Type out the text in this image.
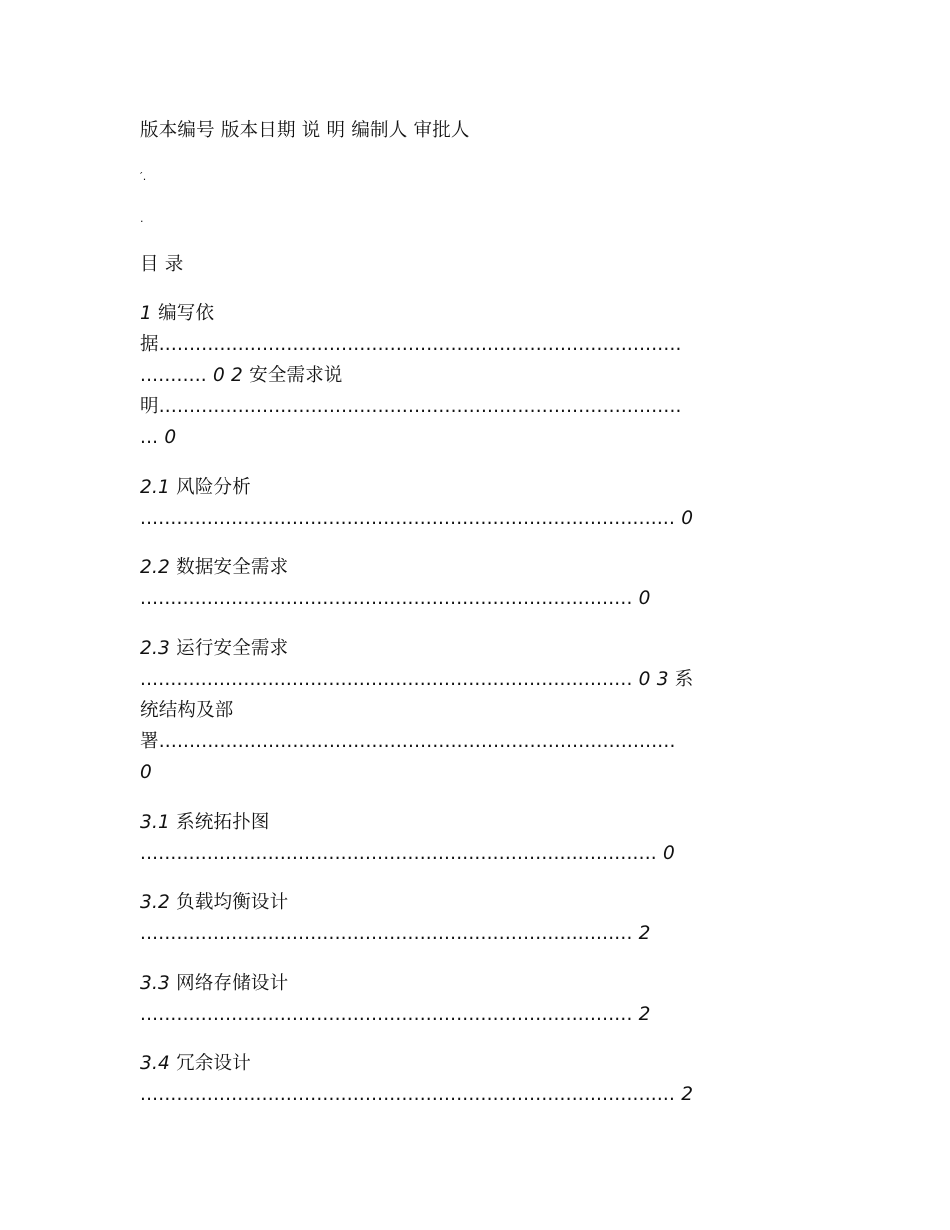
版本编号 版本日期 说 明 编制人 审批人
′.
.
目 录
1 编写依
据......................................................................................
........... 0 2 安全需求说
明......................................................................................
... 0
2.1 风险分析
........................................................................................ 0
2.2 数据安全需求
................................................................................. 0
2.3 运行安全需求
................................................................................. 0 3 系
统结构及部
署.....................................................................................
0
3.1 系统拓扑图
..................................................................................... 0
3.2 负载均衡设计
................................................................................. 2
3.3 网络存储设计
................................................................................. 2
3.4 冗余设计
........................................................................................ 2
